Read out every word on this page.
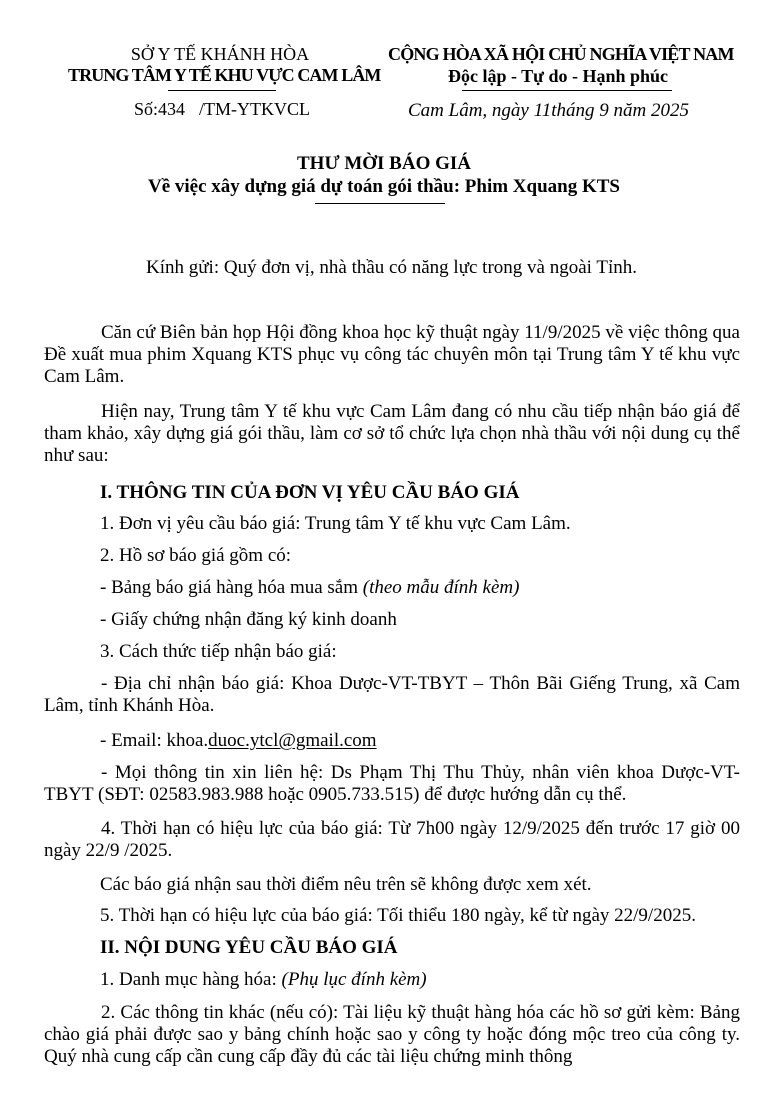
SỞ Y TẾ KHÁNH HÒA
TRUNG TÂM Y TẾ KHU VỰC CAM LÂM
Số:434 /TM-YTKVCL
CỘNG HÒA XÃ HỘI CHỦ NGHĨA VIỆT NAM
Độc lập - Tự do - Hạnh phúc
Cam Lâm, ngày 11tháng 9 năm 2025
THƯ MỜI BÁO GIÁ
Về việc xây dựng giá dự toán gói thầu: Phim Xquang KTS
Kính gửi: Quý đơn vị, nhà thầu có năng lực trong và ngoài Tỉnh.
Căn cứ Biên bản họp Hội đồng khoa học kỹ thuật ngày 11/9/2025 về việc thông qua Đề xuất mua phim Xquang KTS phục vụ công tác chuyên môn tại Trung tâm Y tế khu vực Cam Lâm.
Hiện nay, Trung tâm Y tế khu vực Cam Lâm đang có nhu cầu tiếp nhận báo giá để tham khảo, xây dựng giá gói thầu, làm cơ sở tổ chức lựa chọn nhà thầu với nội dung cụ thể như sau:
I. THÔNG TIN CỦA ĐƠN VỊ YÊU CẦU BÁO GIÁ
1. Đơn vị yêu cầu báo giá: Trung tâm Y tế khu vực Cam Lâm.
2. Hồ sơ báo giá gồm có:
- Bảng báo giá hàng hóa mua sắm (theo mẫu đính kèm)
- Giấy chứng nhận đăng ký kinh doanh
3. Cách thức tiếp nhận báo giá:
- Địa chỉ nhận báo giá: Khoa Dược-VT-TBYT – Thôn Bãi Giếng Trung, xã Cam Lâm, tỉnh Khánh Hòa.
- Email: khoa.duoc.ytcl@gmail.com
- Mọi thông tin xin liên hệ: Ds Phạm Thị Thu Thủy, nhân viên khoa Dược-VT-TBYT (SĐT: 02583.983.988 hoặc 0905.733.515) để được hướng dẫn cụ thể.
4. Thời hạn có hiệu lực của báo giá: Từ 7h00 ngày 12/9/2025 đến trước 17 giờ 00 ngày 22/9 /2025.
Các báo giá nhận sau thời điểm nêu trên sẽ không được xem xét.
5. Thời hạn có hiệu lực của báo giá: Tối thiểu 180 ngày, kể từ ngày 22/9/2025.
II. NỘI DUNG YÊU CẦU BÁO GIÁ
1. Danh mục hàng hóa: (Phụ lục đính kèm)
2. Các thông tin khác (nếu có): Tài liệu kỹ thuật hàng hóa các hồ sơ gửi kèm: Bảng chào giá phải được sao y bảng chính hoặc sao y công ty hoặc đóng mộc treo của công ty. Quý nhà cung cấp cần cung cấp đầy đủ các tài liệu chứng minh thông
